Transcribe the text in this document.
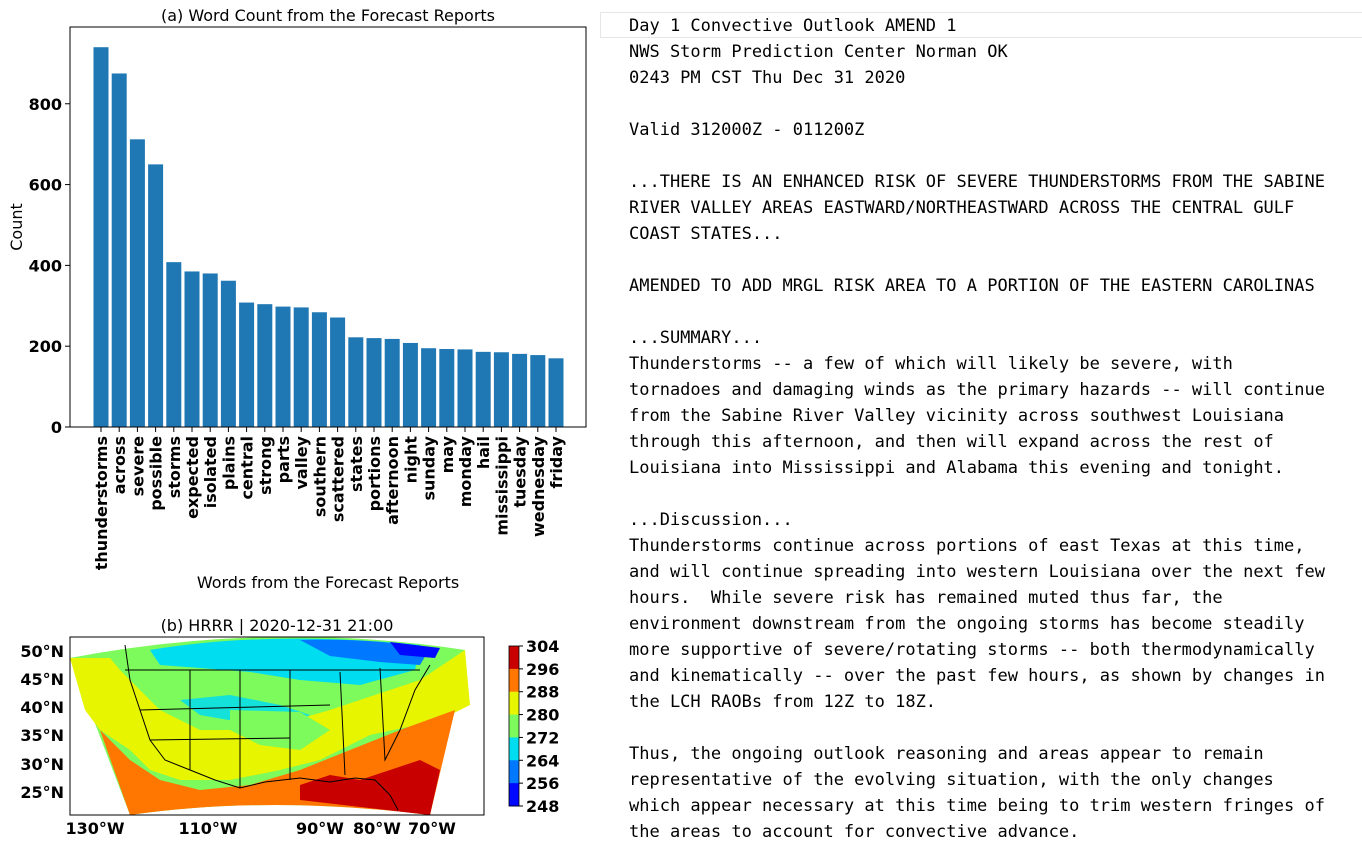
(a) Word Count from the Forecast Reports
0
200
400
600
800
thunderstorms across severe possible storms expected isolated plains central strong parts valley southern scattered states portions afternoon night sunday may monday hail mississippi tuesday wednesday friday
Count
Words from the Forecast Reports
(b) HRRR | 2020-12-31 21:00
50°N
45°N
40°N
35°N
30°N
25°N
130°W	110°W	90°W 80°W 70°W
304
296
288
280
272
264
256
248
Day 1 Convective Outlook AMEND 1
NWS Storm Prediction Center Norman OK
0243 PM CST Thu Dec 31 2020
Valid 312000Z - 011200Z
...THERE IS AN ENHANCED RISK OF SEVERE THUNDERSTORMS FROM THE SABINE
RIVER VALLEY AREAS EASTWARD/NORTHEASTWARD ACROSS THE CENTRAL GULF
COAST STATES...
AMENDED TO ADD MRGL RISK AREA TO A PORTION OF THE EASTERN CAROLINAS
...SUMMARY...
Thunderstorms -- a few of which will likely be severe, with
tornadoes and damaging winds as the primary hazards -- will continue
from the Sabine River Valley vicinity across southwest Louisiana
through this afternoon, and then will expand across the rest of
Louisiana into Mississippi and Alabama this evening and tonight.
...Discussion...
Thunderstorms continue across portions of east Texas at this time,
and will continue spreading into western Louisiana over the next few
hours.  While severe risk has remained muted thus far, the
environment downstream from the ongoing storms has become steadily
more supportive of severe/rotating storms -- both thermodynamically
and kinematically -- over the past few hours, as shown by changes in
the LCH RAOBs from 12Z to 18Z.
Thus, the ongoing outlook reasoning and areas appear to remain
representative of the evolving situation, with the only changes
which appear necessary at this time being to trim western fringes of
the areas to account for convective advance.
